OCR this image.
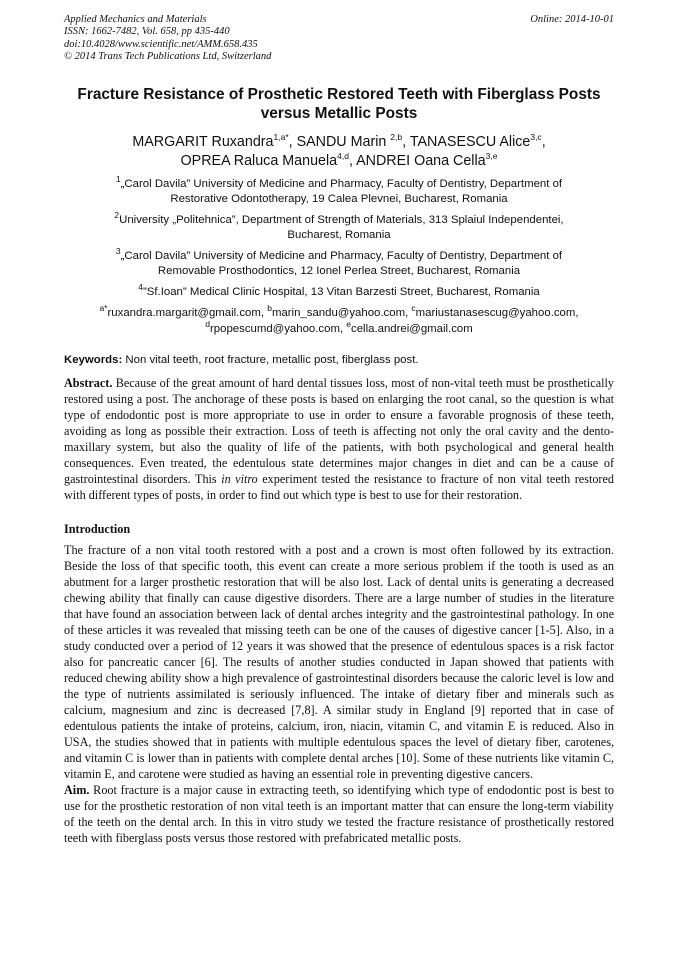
Applied Mechanics and Materials
ISSN: 1662-7482, Vol. 658, pp 435-440
doi:10.4028/www.scientific.net/AMM.658.435
© 2014 Trans Tech Publications Ltd, Switzerland
Online: 2014-10-01
Fracture Resistance of Prosthetic Restored Teeth with Fiberglass Posts
versus Metallic Posts
MARGARIT Ruxandra$^{1,a*}$, SANDU Marin $^{2,b}$, TANASESCU Alice$^{3,c}$,
OPREA Raluca Manuela$^{4,d}$, ANDREI Oana Cella$^{3,e}$
$^1$„Carol Davila” University of Medicine and Pharmacy, Faculty of Dentistry, Department of
Restorative Odontotherapy, 19 Calea Plevnei, Bucharest, Romania
$^2$University „Politehnica”, Department of Strength of Materials, 313 Splaiul Independentei,
Bucharest, Romania
$^3$„Carol Davila” University of Medicine and Pharmacy, Faculty of Dentistry, Department of
Removable Prosthodontics, 12 Ionel Perlea Street, Bucharest, Romania
$^4$”Sf.Ioan” Medical Clinic Hospital, 13 Vitan Barzesti Street, Bucharest, Romania
$^{a*}$ruxandra.margarit@gmail.com, $^b$marin_sandu@yahoo.com, $^c$mariustanasescug@yahoo.com,
$^d$rpopescumd@yahoo.com, $^e$cella.andrei@gmail.com
Keywords: Non vital teeth, root fracture, metallic post, fiberglass post.
Abstract. Because of the great amount of hard dental tissues loss, most of non-vital teeth must be prosthetically restored using a post. The anchorage of these posts is based on enlarging the root canal, so the question is what type of endodontic post is more appropriate to use in order to ensure a favorable prognosis of these teeth, avoiding as long as possible their extraction. Loss of teeth is affecting not only the oral cavity and the dento-maxillary system, but also the quality of life of the patients, with both psychological and general health consequences. Even treated, the edentulous state determines major changes in diet and can be a cause of gastrointestinal disorders. This in vitro experiment tested the resistance to fracture of non vital teeth restored with different types of posts, in order to find out which type is best to use for their restoration.
Introduction
The fracture of a non vital tooth restored with a post and a crown is most often followed by its extraction. Beside the loss of that specific tooth, this event can create a more serious problem if the tooth is used as an abutment for a larger prosthetic restoration that will be also lost. Lack of dental units is generating a decreased chewing ability that finally can cause digestive disorders. There are a large number of studies in the literature that have found an association between lack of dental arches integrity and the gastrointestinal pathology. In one of these articles it was revealed that missing teeth can be one of the causes of digestive cancer [1-5]. Also, in a study conducted over a period of 12 years it was showed that the presence of edentulous spaces is a risk factor also for pancreatic cancer [6]. The results of another studies conducted in Japan showed that patients with reduced chewing ability show a high prevalence of gastrointestinal disorders because the caloric level is low and the type of nutrients assimilated is seriously influenced. The intake of dietary fiber and minerals such as calcium, magnesium and zinc is decreased [7,8]. A similar study in England [9] reported that in case of edentulous patients the intake of proteins, calcium, iron, niacin, vitamin C, and vitamin E is reduced. Also in USA, the studies showed that in patients with multiple edentulous spaces the level of dietary fiber, carotenes, and vitamin C is lower than in patients with complete dental arches [10]. Some of these nutrients like vitamin C, vitamin E, and carotene were studied as having an essential role in preventing digestive cancers.
Aim. Root fracture is a major cause in extracting teeth, so identifying which type of endodontic post is best to use for the prosthetic restoration of non vital teeth is an important matter that can ensure the long-term viability of the teeth on the dental arch. In this in vitro study we tested the fracture resistance of prosthetically restored teeth with fiberglass posts versus those restored with prefabricated metallic posts.
